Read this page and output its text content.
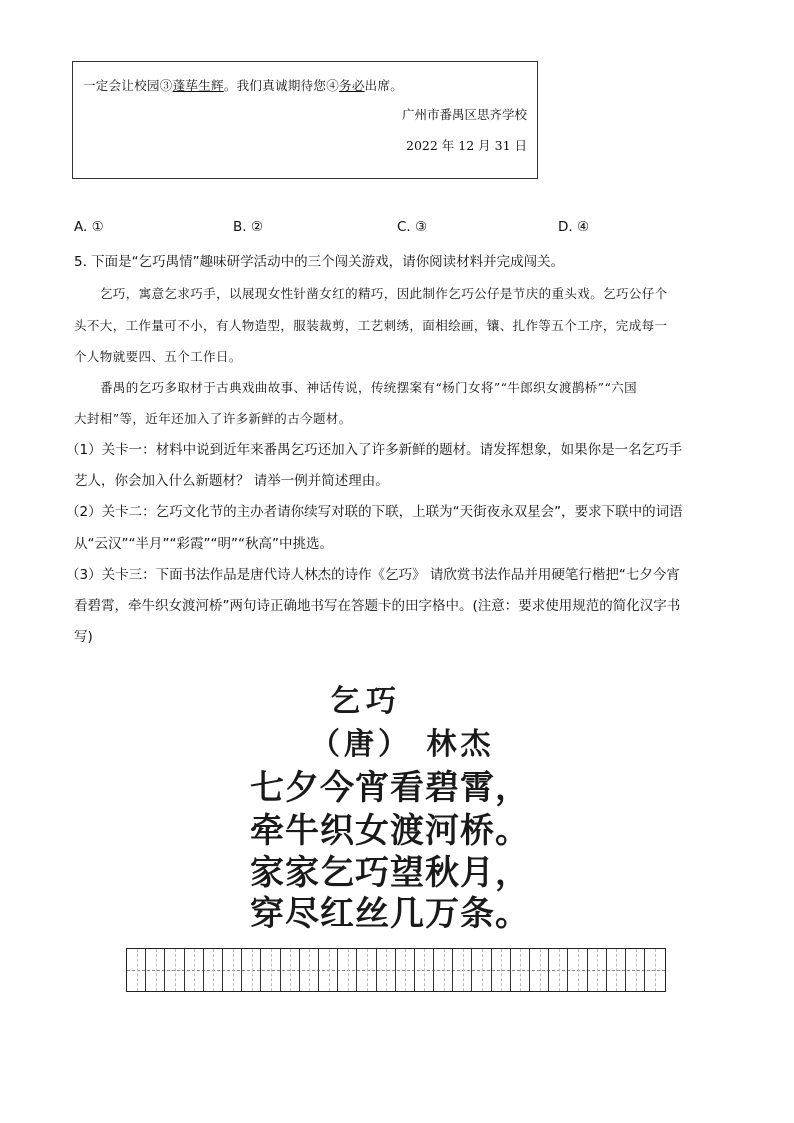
一定会让校园③蓬荜生辉。我们真诚期待您④务必出席。
广州市番禺区思齐学校
2022 年 12 月 31 日
A. ①	B. ②	C. ③	D. ④
5. 下面是“乞巧禺情”趣味研学活动中的三个闯关游戏，请你阅读材料并完成闯关。
乞巧，寓意乞求巧手，以展现女性针凿女红的精巧，因此制作乞巧公仔是节庆的重头戏。乞巧公仔个
头不大，工作量可不小，有人物造型，服装裁剪，工艺刺绣，面相绘画，镶、扎作等五个工序，完成每一
个人物就要四、五个工作日。
番禺的乞巧多取材于古典戏曲故事、神话传说，传统摆案有“杨门女将”“牛郎织女渡鹊桥”“六国
大封相”等，近年还加入了许多新鲜的古今题材。
（1）关卡一：材料中说到近年来番禺乞巧还加入了许多新鲜的题材。请发挥想象，如果你是一名乞巧手
艺人，你会加入什么新题材？ 请举一例并简述理由。
（2）关卡二：乞巧文化节的主办者请你续写对联的下联，上联为“天街夜永双星会”，要求下联中的词语
从“云汉”“半月”“彩霞”“明”“秋高”中挑选。
（3）关卡三：下面书法作品是唐代诗人林杰的诗作《乞巧》 请欣赏书法作品并用硬笔行楷把“七夕今宵
看碧霄，牵牛织女渡河桥”两句诗正确地书写在答题卡的田字格中。(注意：要求使用规范的简化汉字书
写)
乞巧
（唐） 林杰
七夕今宵看碧霄，
牵牛织女渡河桥。
家家乞巧望秋月，
穿尽红丝几万条。
